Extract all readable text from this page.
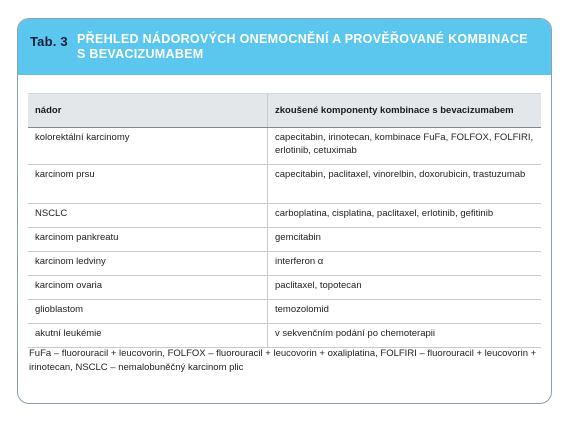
Tab. 3 PŘEHLED NÁDOROVÝCH ONEMOCNĚNÍ A PROVĚŘOVANÉ KOMBINACE S BEVACIZUMABEM
nádor	zkoušené komponenty kombinace s bevacizumabem
kolorektální karcinomy	capecitabin, irinotecan, kombinace FuFa, FOLFOX, FOLFIRI, erlotinib, cetuximab
karcinom prsu	capecitabin, paclitaxel, vinorelbin, doxorubicin, trastuzumab
NSCLC	carboplatina, cisplatina, paclitaxel, erlotinib, gefitinib
karcinom pankreatu	gemcitabin
karcinom ledviny	interferon α
karcinom ovaria	paclitaxel, topotecan
glioblastom	temozolomid
akutní leukémie	v sekvenčním podání po chemoterapii
FuFa – fluorouracil + leucovorin, FOLFOX – fluorouracil + leucovorin + oxaliplatina, FOLFIRI – fluorouracil + leucovorin + irinotecan, NSCLC – nemalobuněčný karcinom plic
